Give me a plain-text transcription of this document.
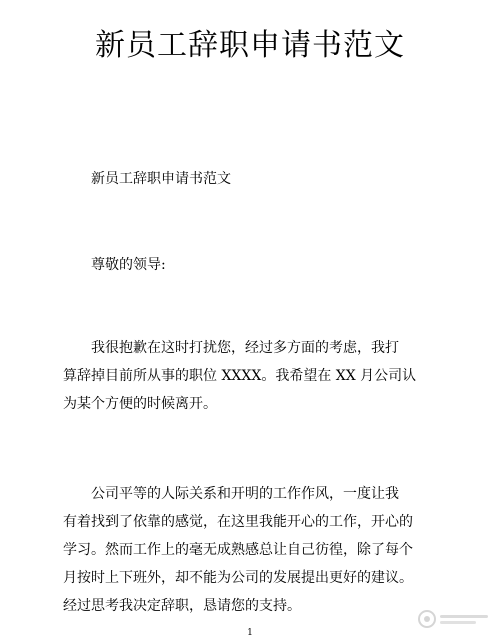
新员工辞职申请书范文
新员工辞职申请书范文
尊敬的领导:
我很抱歉在这时打扰您，经过多方面的考虑，我打
算辞掉目前所从事的职位 XXXX。我希望在 XX 月公司认
为某个方便的时候离开。
公司平等的人际关系和开明的工作作风，一度让我
有着找到了依靠的感觉，在这里我能开心的工作，开心的
学习。然而工作上的毫无成熟感总让自己彷徨，除了每个
月按时上下班外，却不能为公司的发展提出更好的建议。
经过思考我决定辞职，恳请您的支持。
1
